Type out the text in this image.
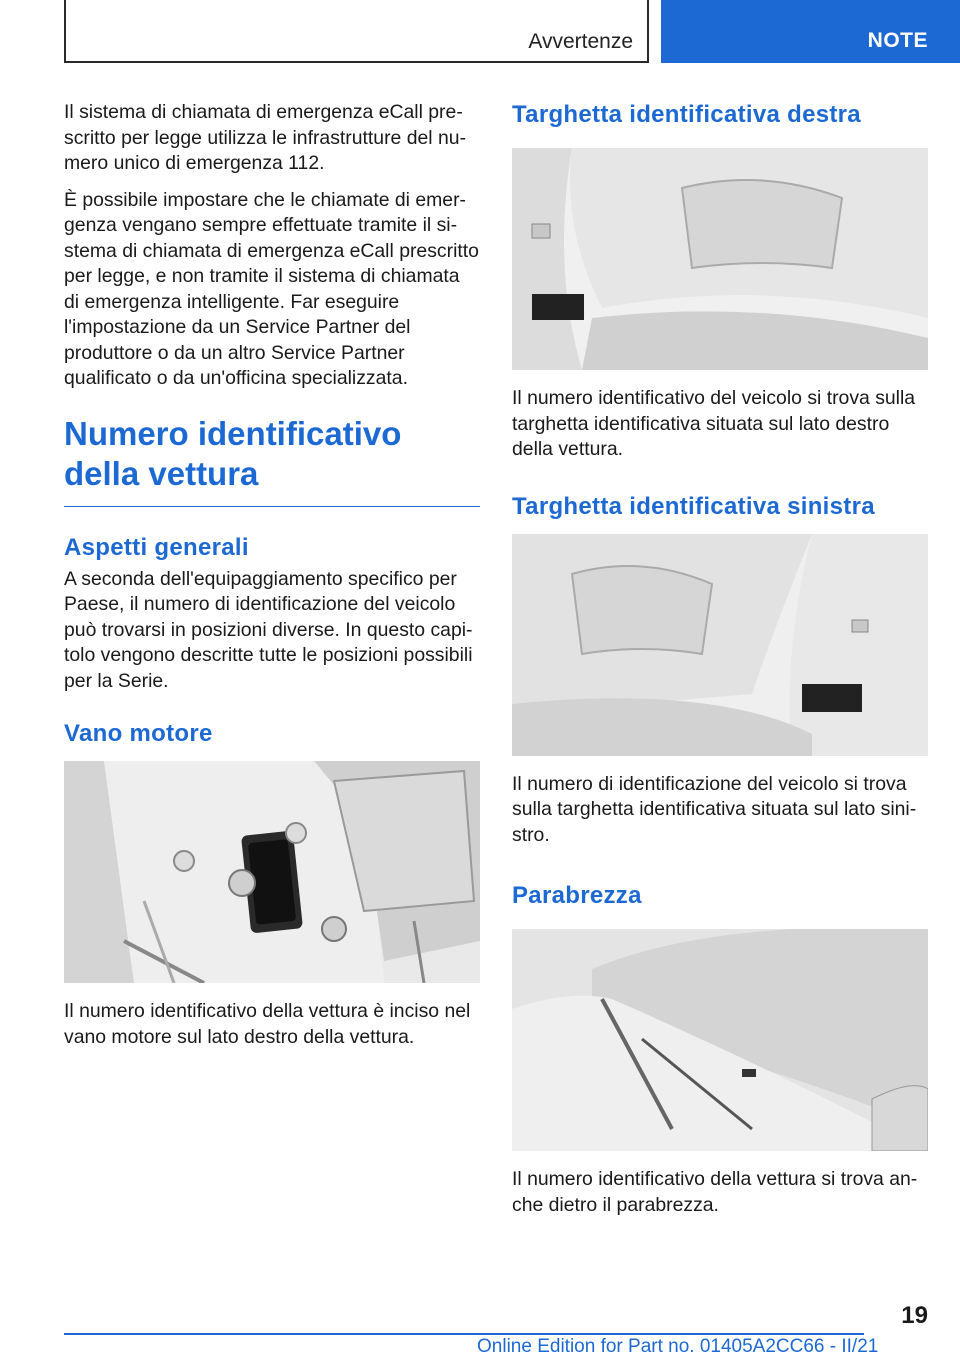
Avvertenze	NOTE

Il sistema di chiamata di emergenza eCall prescritto per legge utilizza le infrastrutture del numero unico di emergenza 112.

È possibile impostare che le chiamate di emergenza vengano sempre effettuate tramite il sistema di chiamata di emergenza eCall prescritto per legge, e non tramite il sistema di chiamata di emergenza intelligente. Far eseguire l'impostazione da un Service Partner del produttore o da un altro Service Partner qualificato o da un'officina specializzata.

Numero identificativo della vettura
Aspetti generali

A seconda dell'equipaggiamento specifico per Paese, il numero di identificazione del veicolo può trovarsi in posizioni diverse. In questo capitolo vengono descritte tutte le posizioni possibili per la Serie.

Vano motore

Il numero identificativo della vettura è inciso nel vano motore sul lato destro della vettura.

Targhetta identificativa destra

Il numero identificativo del veicolo si trova sulla targhetta identificativa situata sul lato destro della vettura.

Targhetta identificativa sinistra

Il numero di identificazione del veicolo si trova sulla targhetta identificativa situata sul lato sinistro.

Parabrezza

Il numero identificativo della vettura si trova anche dietro il parabrezza.

19
Online Edition for Part no. 01405A2CC66 - II/21
